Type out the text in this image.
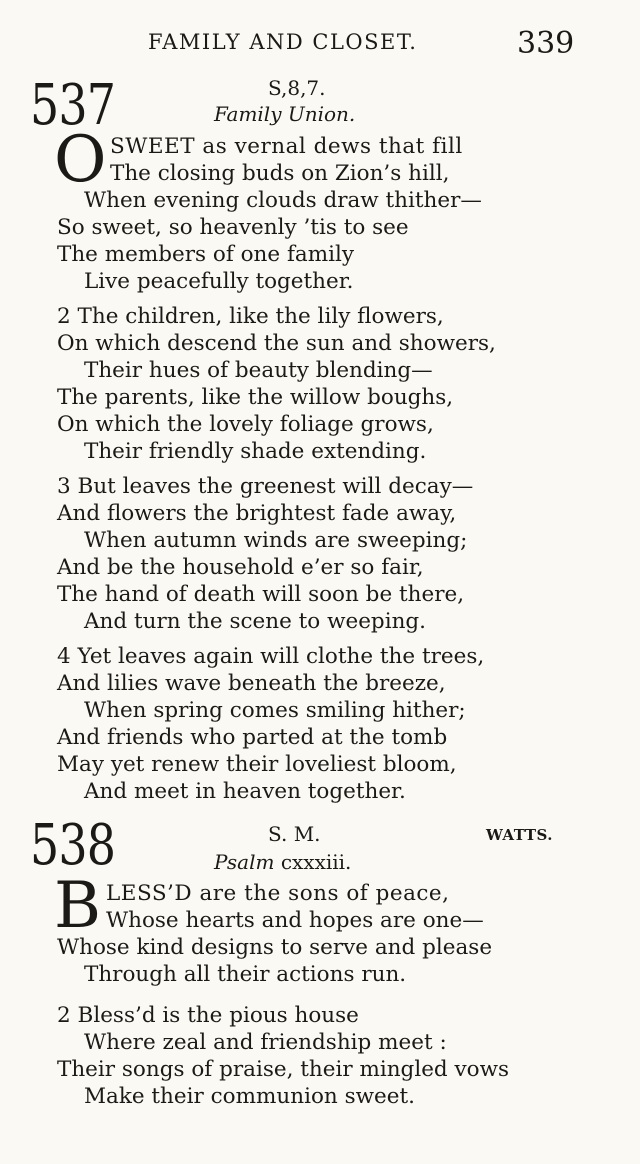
FAMILY AND CLOSET.	339
537	S,8,7.
Family Union.
O SWEET as vernal dews that fill
The closing buds on Zion’s hill,
When evening clouds draw thither—
So sweet, so heavenly ’tis to see
The members of one family
Live peacefully together.
2 The children, like the lily flowers,
On which descend the sun and showers,
Their hues of beauty blending—
The parents, like the willow boughs,
On which the lovely foliage grows,
Their friendly shade extending.
3 But leaves the greenest will decay—
And flowers the brightest fade away,
When autumn winds are sweeping;
And be the household e’er so fair,
The hand of death will soon be there,
And turn the scene to weeping.
4 Yet leaves again will clothe the trees,
And lilies wave beneath the breeze,
When spring comes smiling hither;
And friends who parted at the tomb
May yet renew their loveliest bloom,
And meet in heaven together.
538	S. M.	WATTS.
Psalm cxxxiii.
B LESS’D are the sons of peace,
Whose hearts and hopes are one—
Whose kind designs to serve and please
Through all their actions run.
2 Bless’d is the pious house
Where zeal and friendship meet :
Their songs of praise, their mingled vows
Make their communion sweet.
